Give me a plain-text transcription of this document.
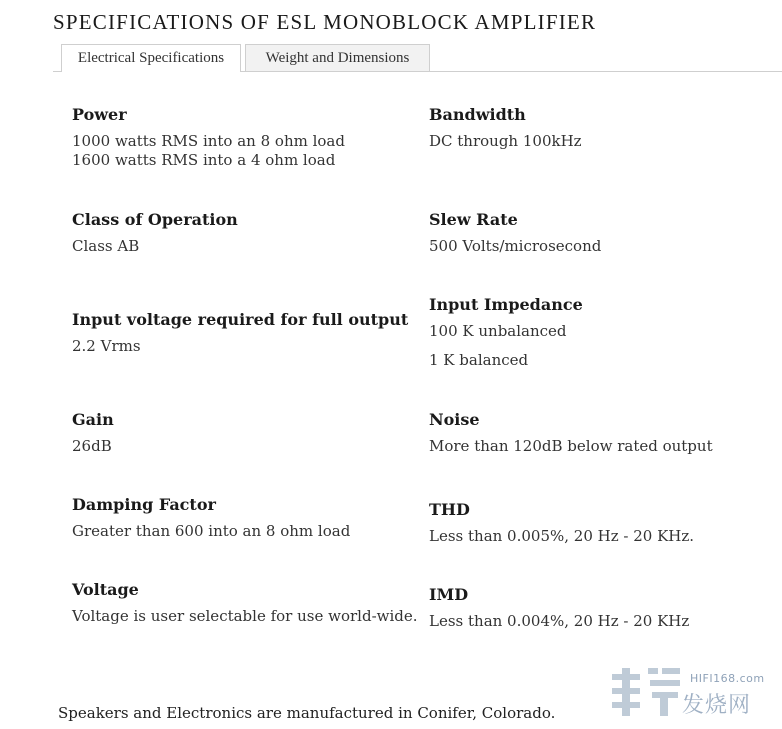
SPECIFICATIONS OF ESL MONOBLOCK AMPLIFIER
Electrical Specifications	Weight and Dimensions
Power
1000 watts RMS into an 8 ohm load
1600 watts RMS into a 4 ohm load
Class of Operation
Class AB
Input voltage required for full output
2.2 Vrms
Gain
26dB
Damping Factor
Greater than 600 into an 8 ohm load
Voltage
Voltage is user selectable for use world-wide.
Bandwidth
DC through 100kHz
Slew Rate
500 Volts/microsecond
Input Impedance
100 K unbalanced
1 K balanced
Noise
More than 120dB below rated output
THD
Less than 0.005%, 20 Hz - 20 KHz.
IMD
Less than 0.004%, 20 Hz - 20 KHz
Speakers and Electronics are manufactured in Conifer, Colorado.
HIFI168.com
发烧网
